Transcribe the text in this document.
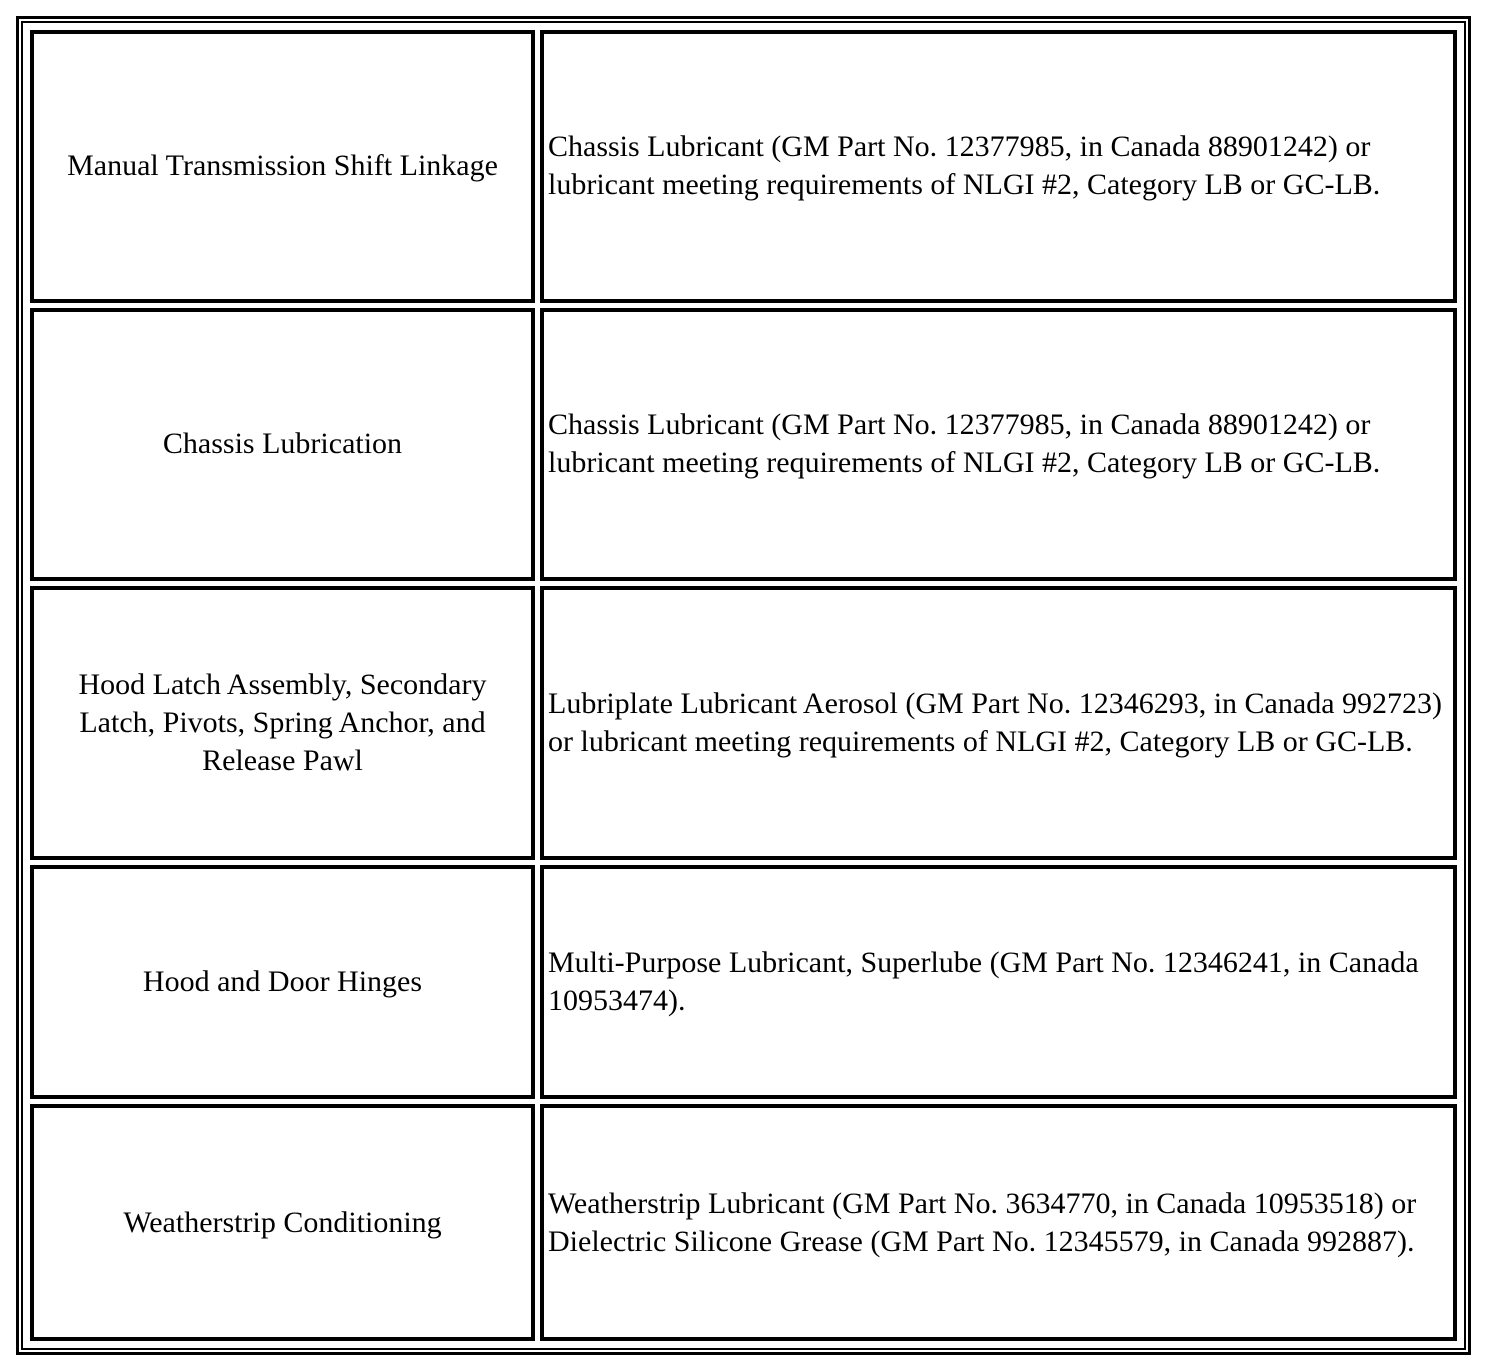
Manual Transmission Shift Linkage	Chassis Lubricant (GM Part No. 12377985, in Canada 88901242) or lubricant meeting requirements of NLGI #2, Category LB or GC-LB.
Chassis Lubrication	Chassis Lubricant (GM Part No. 12377985, in Canada 88901242) or lubricant meeting requirements of NLGI #2, Category LB or GC-LB.
Hood Latch Assembly, Secondary Latch, Pivots, Spring Anchor, and Release Pawl	Lubriplate Lubricant Aerosol (GM Part No. 12346293, in Canada 992723) or lubricant meeting requirements of NLGI #2, Category LB or GC-LB.
Hood and Door Hinges	Multi-Purpose Lubricant, Superlube (GM Part No. 12346241, in Canada 10953474).
Weatherstrip Conditioning	Weatherstrip Lubricant (GM Part No. 3634770, in Canada 10953518) or Dielectric Silicone Grease (GM Part No. 12345579, in Canada 992887).
